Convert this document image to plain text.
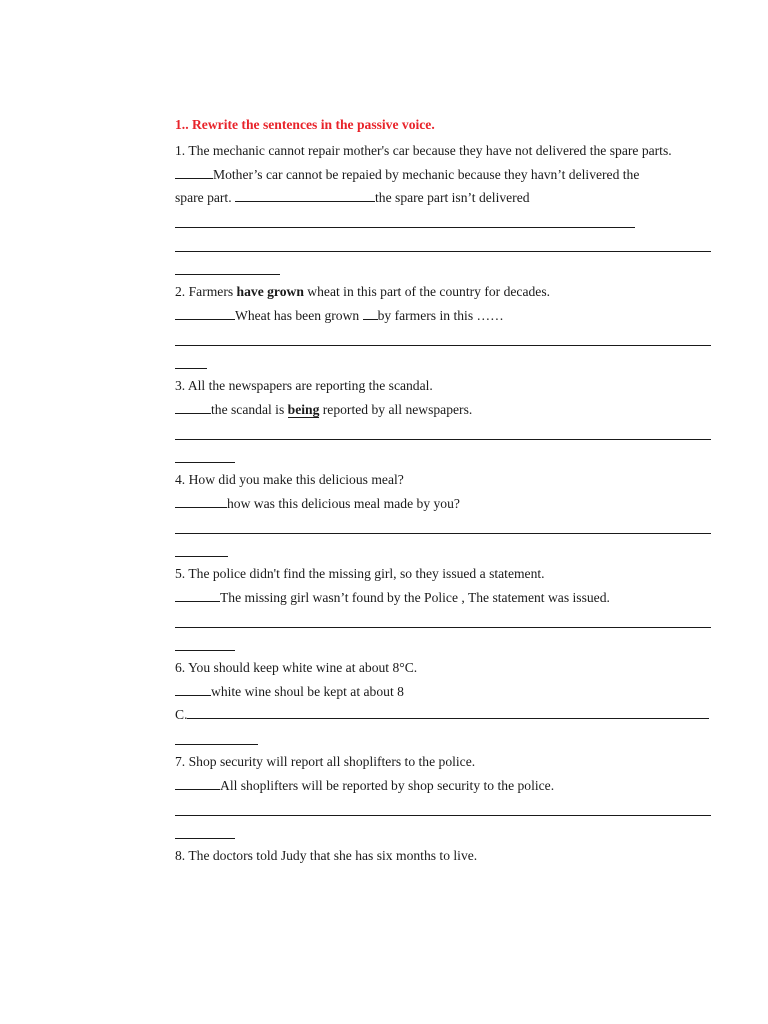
1.. Rewrite the sentences in the passive voice.
1. The mechanic cannot repair mother's car because they have not delivered the spare parts.
Mother’s car cannot be repaied by mechanic because they havn’t delivered the
spare part.	the spare part isn’t delivered
2. Farmers have grown wheat in this part of the country for decades.
Wheat has been grown by farmers in this ……
3. All the newspapers are reporting the scandal.
the scandal is being reported by all newspapers.
4. How did you make this delicious meal?
how was this delicious meal made by you?
5. The police didn't find the missing girl, so they issued a statement.
The missing girl wasn’t found by the Police , The statement was issued.
6. You should keep white wine at about 8°C.
white wine shoul be kept at about 8
C.
7. Shop security will report all shoplifters to the police.
All shoplifters will be reported by shop security to the police.
8. The doctors told Judy that she has six months to live.
